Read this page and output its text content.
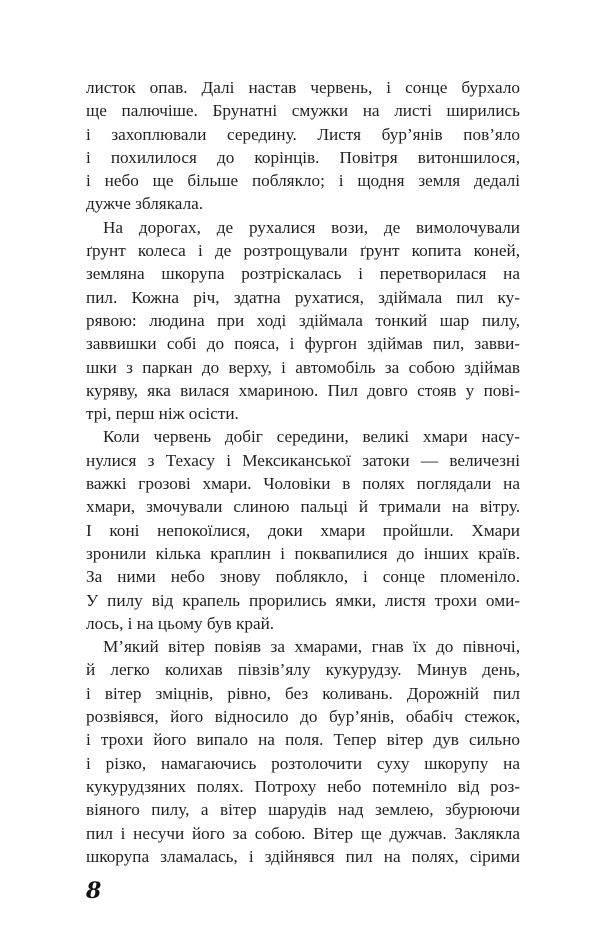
листок опав. Далі настав червень, і сонце бурхало
ще палючіше. Брунатні смужки на листі ширились
і захоплювали середину. Листя бур’янів пов’яло
і похилилося до корінців. Повітря витоншилося,
і небо ще більше поблякло; і щодня земля дедалі
дужче зблякала.
На дорогах, де рухалися вози, де вимолочували
ґрунт колеса і де розтрощували ґрунт копита коней,
земляна шкорупа розтріскалась і перетворилася на
пил. Кожна річ, здатна рухатися, здіймала пил ку-
рявою: людина при ході здіймала тонкий шар пилу,
заввишки собі до пояса, і фургон здіймав пил, завви-
шки з паркан до верху, і автомобіль за собою здіймав
куряву, яка вилася хмариною. Пил довго стояв у пові-
трі, перш ніж осісти.
Коли червень добіг середини, великі хмари насу-
нулися з Техасу і Мексиканської затоки — величезні
важкі грозові хмари. Чоловіки в полях поглядали на
хмари, змочували слиною пальці й тримали на вітру.
І коні непокоїлися, доки хмари пройшли. Хмари
зронили кілька краплин і поквапилися до інших країв.
За ними небо знову поблякло, і сонце пломеніло.
У пилу від крапель прорились ямки, листя трохи оми-
лось, і на цьому був край.
М’який вітер повіяв за хмарами, гнав їх до півночі,
й легко колихав півзів’ялу кукурудзу. Минув день,
і вітер зміцнів, рівно, без коливань. Дорожній пил
розвіявся, його відносило до бур’янів, обабіч стежок,
і трохи його випало на поля. Тепер вітер дув сильно
і різко, намагаючись розтолочити суху шкорупу на
кукурудзяних полях. Потроху небо потемніло від роз-
віяного пилу, а вітер шарудів над землею, збурюючи
пил і несучи його за собою. Вітер ще дужчав. Заклякла
шкорупа зламалась, і здійнявся пил на полях, сірими
8
